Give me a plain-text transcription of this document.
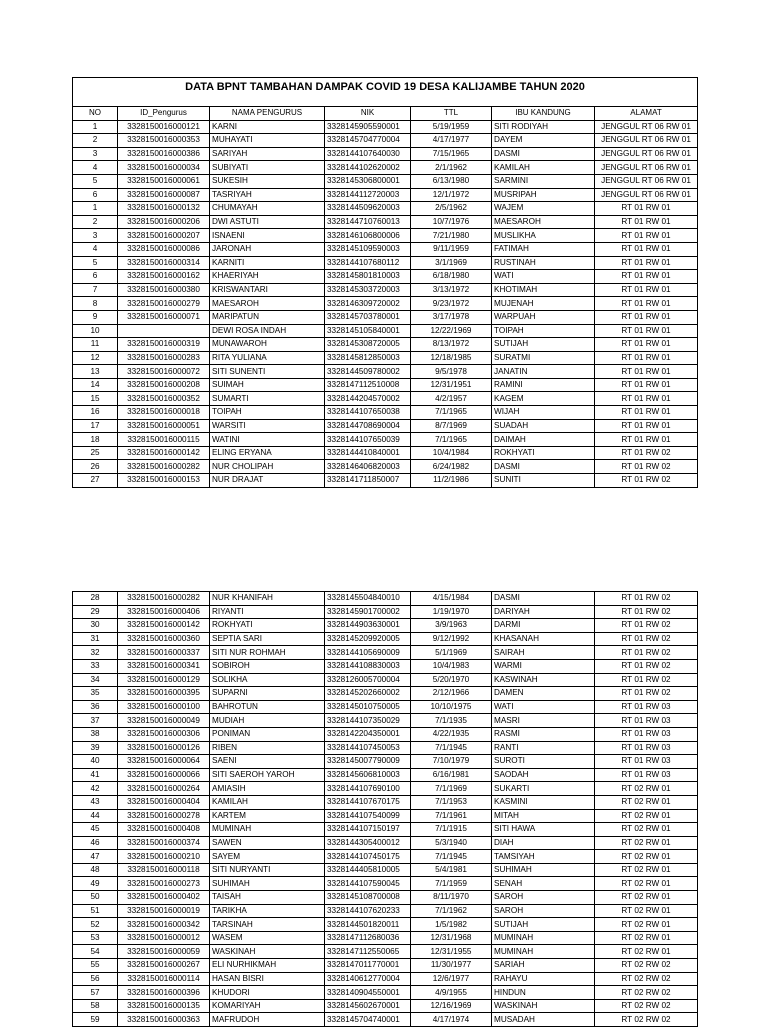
DATA BPNT TAMBAHAN DAMPAK COVID 19 DESA KALIJAMBE TAHUN 2020						
NO	ID_Pengurus	NAMA PENGURUS	NIK	TTL	IBU KANDUNG	ALAMAT
1	3328150016000121	KARNI	3328145905590001	5/19/1959	SITI RODIYAH	JENGGUL RT 06 RW 01
2	3328150016000353	MUHAYATI	3328145704770004	4/17/1977	DAYEM	JENGGUL RT 06 RW 01
3	3328150016000386	SARIYAH	3328144107640030	7/15/1965	DASMI	JENGGUL RT 06 RW 01
4	3328150016000034	SUBIYATI	3328144102620002	2/1/1962	KAMILAH	JENGGUL RT 06 RW 01
5	3328150016000061	SUKESIH	3328145306800001	6/13/1980	SARMINI	JENGGUL RT 06 RW 01
6	3328150016000087	TASRIYAH	3328144112720003	12/1/1972	MUSRIPAH	JENGGUL RT 06 RW 01
1	3328150016000132	CHUMAYAH	3328144509620003	2/5/1962	WAJEM	RT 01 RW 01
2	3328150016000206	DWI ASTUTI	3328144710760013	10/7/1976	MAESAROH	RT 01 RW 01
3	3328150016000207	ISNAENI	3328146106800006	7/21/1980	MUSLIKHA	RT 01 RW 01
4	3328150016000086	JARONAH	3328145109590003	9/11/1959	FATIMAH	RT 01 RW 01
5	3328150016000314	KARNITI	3328144107680112	3/1/1969	RUSTINAH	RT 01 RW 01
6	3328150016000162	KHAERIYAH	3328145801810003	6/18/1980	WATI	RT 01 RW 01
7	3328150016000380	KRISWANTARI	3328145303720003	3/13/1972	KHOTIMAH	RT 01 RW 01
8	3328150016000279	MAESAROH	3328146309720002	9/23/1972	MUJENAH	RT 01 RW 01
9	3328150016000071	MARIPATUN	3328145703780001	3/17/1978	WARPUAH	RT 01 RW 01
10		DEWI ROSA INDAH	3328145105840001	12/22/1969	TOIPAH	RT 01 RW 01
11	3328150016000319	MUNAWAROH	3328145308720005	8/13/1972	SUTIJAH	RT 01 RW 01
12	3328150016000283	RITA YULIANA	3328145812850003	12/18/1985	SURATMI	RT 01 RW 01
13	3328150016000072	SITI SUNENTI	3328144509780002	9/5/1978	JANATIN	RT 01 RW 01
14	3328150016000208	SUIMAH	3328147112510008	12/31/1951	RAMINI	RT 01 RW 01
15	3328150016000352	SUMARTI	3328144204570002	4/2/1957	KAGEM	RT 01 RW 01
16	3328150016000018	TOIPAH	3328144107650038	7/1/1965	WIJAH	RT 01 RW 01
17	3328150016000051	WARSITI	3328144708690004	8/7/1969	SUADAH	RT 01 RW 01
18	3328150016000115	WATINI	3328144107650039	7/1/1965	DAIMAH	RT 01 RW 01
25	3328150016000142	ELING ERYANA	3328144410840001	10/4/1984	ROKHYATI	RT 01 RW 02
26	3328150016000282	NUR CHOLIPAH	3328146406820003	6/24/1982	DASMI	RT 01 RW 02
27	3328150016000153	NUR DRAJAT	3328141711850007	11/2/1986	SUNITI	RT 01 RW 02
28	3328150016000282	NUR KHANIFAH	3328145504840010	4/15/1984	DASMI	RT 01 RW 02
29	3328150016000406	RIYANTI	3328145901700002	1/19/1970	DARIYAH	RT 01 RW 02
30	3328150016000142	ROKHYATI	3328144903630001	3/9/1963	DARMI	RT 01 RW 02
31	3328150016000360	SEPTIA SARI	3328145209920005	9/12/1992	KHASANAH	RT 01 RW 02
32	3328150016000337	SITI NUR ROHMAH	3328144105690009	5/1/1969	SAIRAH	RT 01 RW 02
33	3328150016000341	SOBIROH	3328144108830003	10/4/1983	WARMI	RT 01 RW 02
34	3328150016000129	SOLIKHA	3328126005700004	5/20/1970	KASWINAH	RT 01 RW 02
35	3328150016000395	SUPARNI	3328145202660002	2/12/1966	DAMEN	RT 01 RW 02
36	3328150016000100	BAHROTUN	3328145010750005	10/10/1975	WATI	RT 01 RW 03
37	3328150016000049	MUDIAH	3328144107350029	7/1/1935	MASRI	RT 01 RW 03
38	3328150016000306	PONIMAN	3328142204350001	4/22/1935	RASMI	RT 01 RW 03
39	3328150016000126	RIBEN	3328144107450053	7/1/1945	RANTI	RT 01 RW 03
40	3328150016000064	SAENI	3328145007790009	7/10/1979	SUROTI	RT 01 RW 03
41	3328150016000066	SITI SAEROH YAROH	3328145606810003	6/16/1981	SAODAH	RT 01 RW 03
42	3328150016000264	AMIASIH	3328144107690100	7/1/1969	SUKARTI	RT 02 RW 01
43	3328150016000404	KAMILAH	3328144107670175	7/1/1953	KASMINI	RT 02 RW 01
44	3328150016000278	KARTEM	3328144107540099	7/1/1961	MITAH	RT 02 RW 01
45	3328150016000408	MUMINAH	3328144107150197	7/1/1915	SITI HAWA	RT 02 RW 01
46	3328150016000374	SAWEN	3328144305400012	5/3/1940	DIAH	RT 02 RW 01
47	3328150016000210	SAYEM	3328144107450175	7/1/1945	TAMSIYAH	RT 02 RW 01
48	3328150016000118	SITI NURYANTI	3328144405810005	5/4/1981	SUHIMAH	RT 02 RW 01
49	3328150016000273	SUHIMAH	3328144107590045	7/1/1959	SENAH	RT 02 RW 01
50	3328150016000402	TAISAH	3328145108700008	8/11/1970	SAROH	RT 02 RW 01
51	3328150016000019	TARIKHA	3328144107620233	7/1/1962	SAROH	RT 02 RW 01
52	3328150016000342	TARSINAH	3328144501820011	1/5/1982	SUTIJAH	RT 02 RW 01
53	3328150016000012	WASEM	3328147112680036	12/31/1968	MUMINAH	RT 02 RW 01
54	3328150016000059	WASKINAH	3328147112550065	12/31/1955	MUMINAH	RT 02 RW 01
55	3328150016000267	ELI NURHIKMAH	3328147011770001	11/30/1977	SARIAH	RT 02 RW 02
56	3328150016000114	HASAN BISRI	3328140612770004	12/6/1977	RAHAYU	RT 02 RW 02
57	3328150016000396	KHUDORI	3328140904550001	4/9/1955	HINDUN	RT 02 RW 02
58	3328150016000135	KOMARIYAH	3328145602670001	12/16/1969	WASKINAH	RT 02 RW 02
59	3328150016000363	MAFRUDOH	3328145704740001	4/17/1974	MUSADAH	RT 02 RW 02
